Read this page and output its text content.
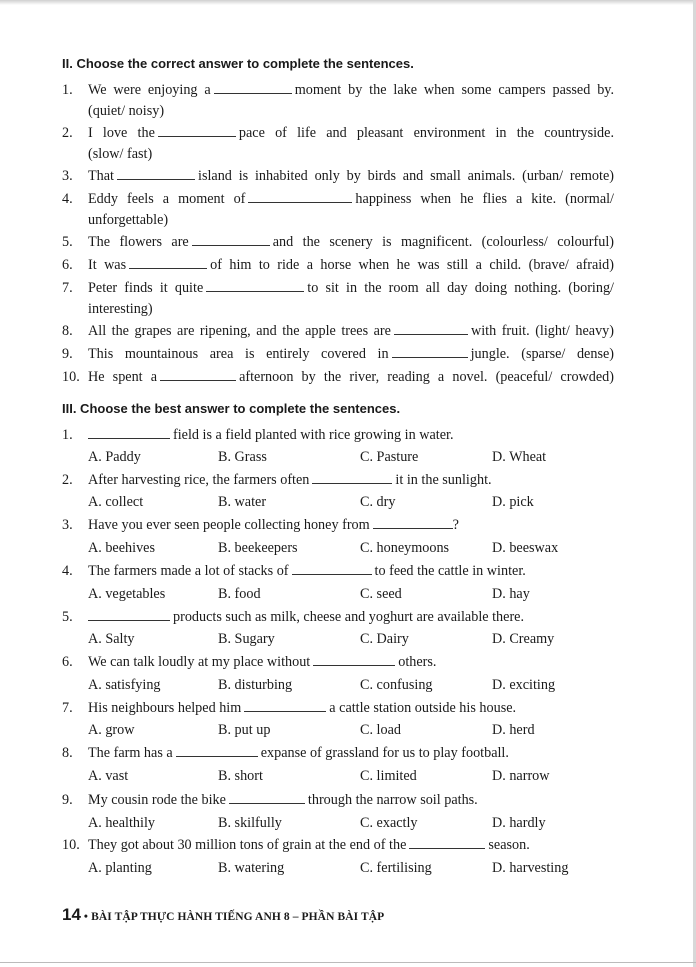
II. Choose the correct answer to complete the sentences.
1. We were enjoying a	moment by the lake when some campers passed by.
(quiet/ noisy)
2. I love the	pace of life and pleasant environment in the countryside.
(slow/ fast)
3. That	island is inhabited only by birds and small animals. (urban/ remote)
4. Eddy feels a moment of	happiness when he flies a kite. (normal/
unforgettable)
5. The flowers are	and the scenery is magnificent. (colourless/ colourful)
6. It was	of him to ride a horse when he was still a child. (brave/ afraid)
7. Peter finds it quite	to sit in the room all day doing nothing. (boring/
interesting)
8. All the grapes are ripening, and the apple trees are	with fruit. (light/ heavy)
9. This mountainous area is entirely covered in	jungle. (sparse/ dense)
10. He spent a	afternoon by the river, reading a novel. (peaceful/ crowded)
III. Choose the best answer to complete the sentences.
1.	field is a field planted with rice growing in water.
A. Paddy	B. Grass	C. Pasture	D. Wheat
2. After harvesting rice, the farmers often	it in the sunlight.
A. collect	B. water	C. dry	D. pick
3. Have you ever seen people collecting honey from	?
A. beehives	B. beekeepers	C. honeymoons	D. beeswax
4. The farmers made a lot of stacks of	to feed the cattle in winter.
A. vegetables	B. food	C. seed	D. hay
5.	products such as milk, cheese and yoghurt are available there.
A. Salty	B. Sugary	C. Dairy	D. Creamy
6. We can talk loudly at my place without	others.
A. satisfying	B. disturbing	C. confusing	D. exciting
7. His neighbours helped him	a cattle station outside his house.
A. grow	B. put up	C. load	D. herd
8. The farm has a	expanse of grassland for us to play football.
A. vast	B. short	C. limited	D. narrow
9. My cousin rode the bike	through the narrow soil paths.
A. healthily	B. skilfully	C. exactly	D. hardly
10. They got about 30 million tons of grain at the end of the	season.
A. planting	B. watering	C. fertilising	D. harvesting
14 • BÀI TẬP THỰC HÀNH TIẾNG ANH 8 – PHẦN BÀI TẬP
